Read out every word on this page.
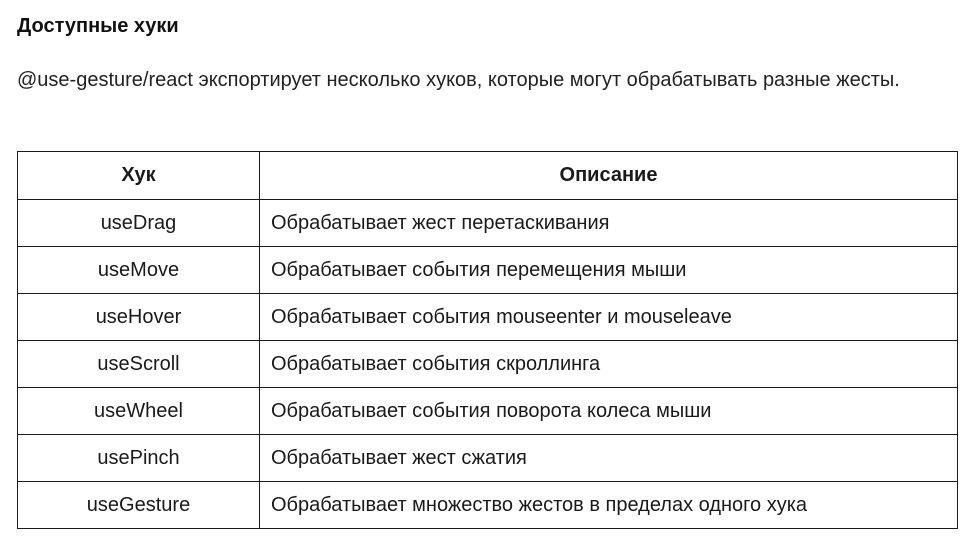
Доступные хуки
@use-gesture/react экспортирует несколько хуков, которые могут обрабатывать разные жесты.
Хук	Описание
useDrag	Обрабатывает жест перетаскивания
useMove	Обрабатывает события перемещения мыши
useHover	Обрабатывает события mouseenter и mouseleave
useScroll	Обрабатывает события скроллинга
useWheel	Обрабатывает события поворота колеса мыши
usePinch	Обрабатывает жест сжатия
useGesture	Обрабатывает множество жестов в пределах одного хука
